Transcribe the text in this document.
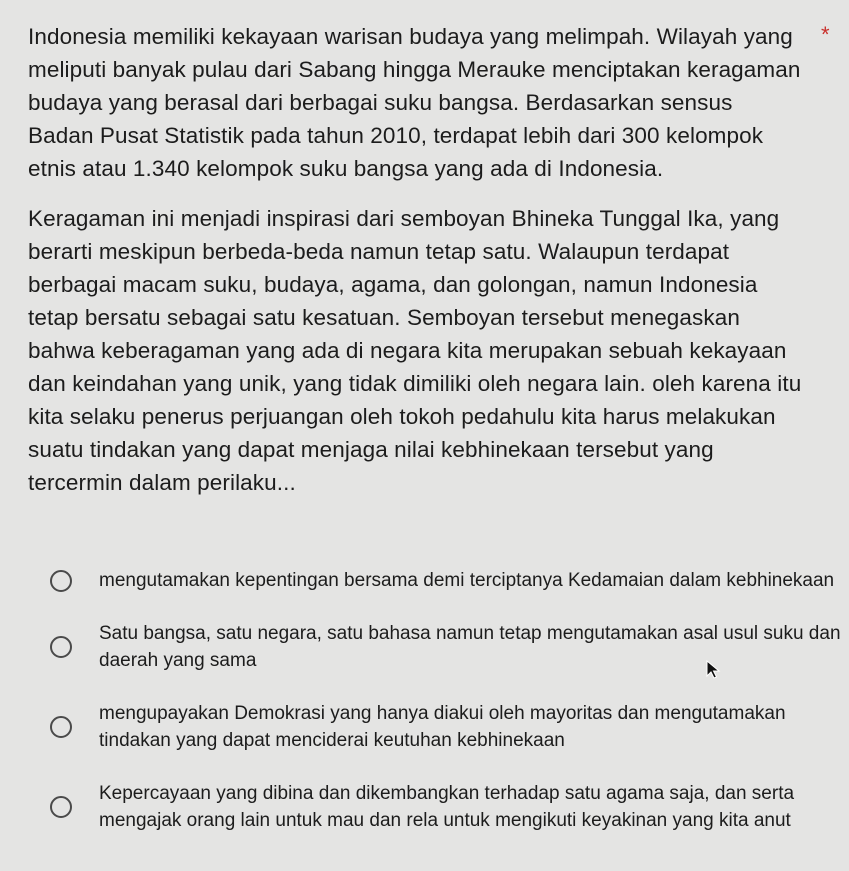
Indonesia memiliki kekayaan warisan budaya yang melimpah. Wilayah yang meliputi banyak pulau dari Sabang hingga Merauke menciptakan keragaman budaya yang berasal dari berbagai suku bangsa. Berdasarkan sensus Badan Pusat Statistik pada tahun 2010, terdapat lebih dari 300 kelompok etnis atau 1.340 kelompok suku bangsa yang ada di Indonesia.

Keragaman ini menjadi inspirasi dari semboyan Bhineka Tunggal Ika, yang berarti meskipun berbeda-beda namun tetap satu. Walaupun terdapat berbagai macam suku, budaya, agama, dan golongan, namun Indonesia tetap bersatu sebagai satu kesatuan. Semboyan tersebut menegaskan bahwa keberagaman yang ada di negara kita merupakan sebuah kekayaan dan keindahan yang unik, yang tidak dimiliki oleh negara lain. oleh karena itu kita selaku penerus perjuangan oleh tokoh pedahulu kita harus melakukan suatu tindakan yang dapat menjaga nilai kebhinekaan tersebut yang tercermin dalam perilaku...

*
mengutamakan kepentingan bersama demi terciptanya Kedamaian dalam kebhinekaan
Satu bangsa, satu negara, satu bahasa namun tetap mengutamakan asal usul suku dan daerah yang sama
mengupayakan Demokrasi yang hanya diakui oleh mayoritas dan mengutamakan tindakan yang dapat menciderai keutuhan kebhinekaan
Kepercayaan yang dibina dan dikembangkan terhadap satu agama saja, dan serta mengajak orang lain untuk mau dan rela untuk mengikuti keyakinan yang kita anut
